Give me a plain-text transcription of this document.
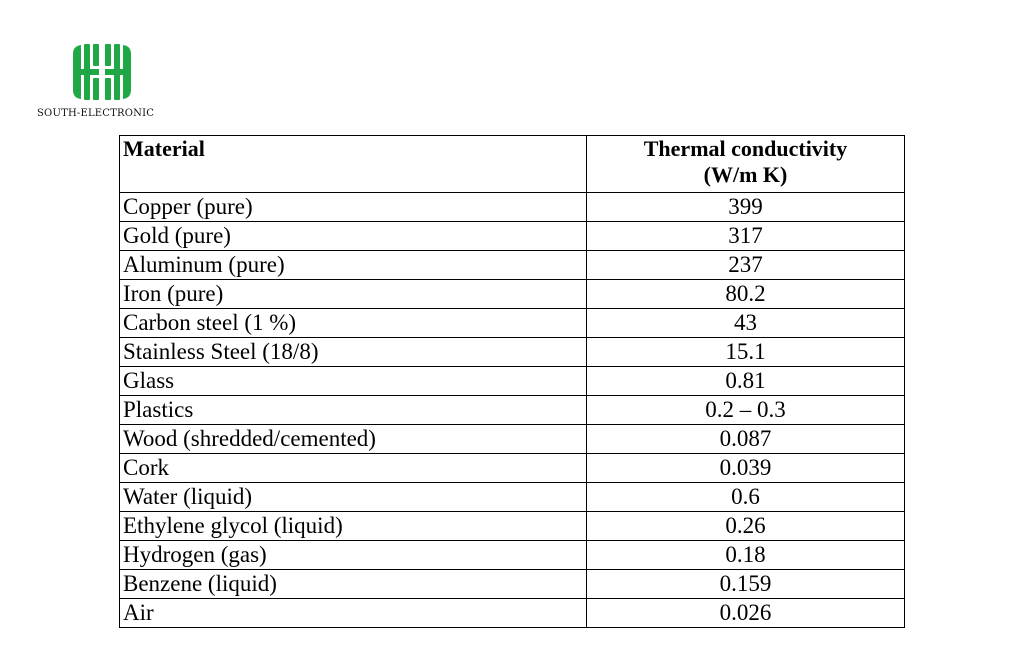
SOUTH-ELECTRONIC
Material	Thermal conductivity
(W/m K)
Copper (pure)	399
Gold (pure)	317
Aluminum (pure)	237
Iron (pure)	80.2
Carbon steel (1 %)	43
Stainless Steel (18/8)	15.1
Glass	0.81
Plastics	0.2 – 0.3
Wood (shredded/cemented)	0.087
Cork	0.039
Water (liquid)	0.6
Ethylene glycol (liquid)	0.26
Hydrogen (gas)	0.18
Benzene (liquid)	0.159
Air	0.026
